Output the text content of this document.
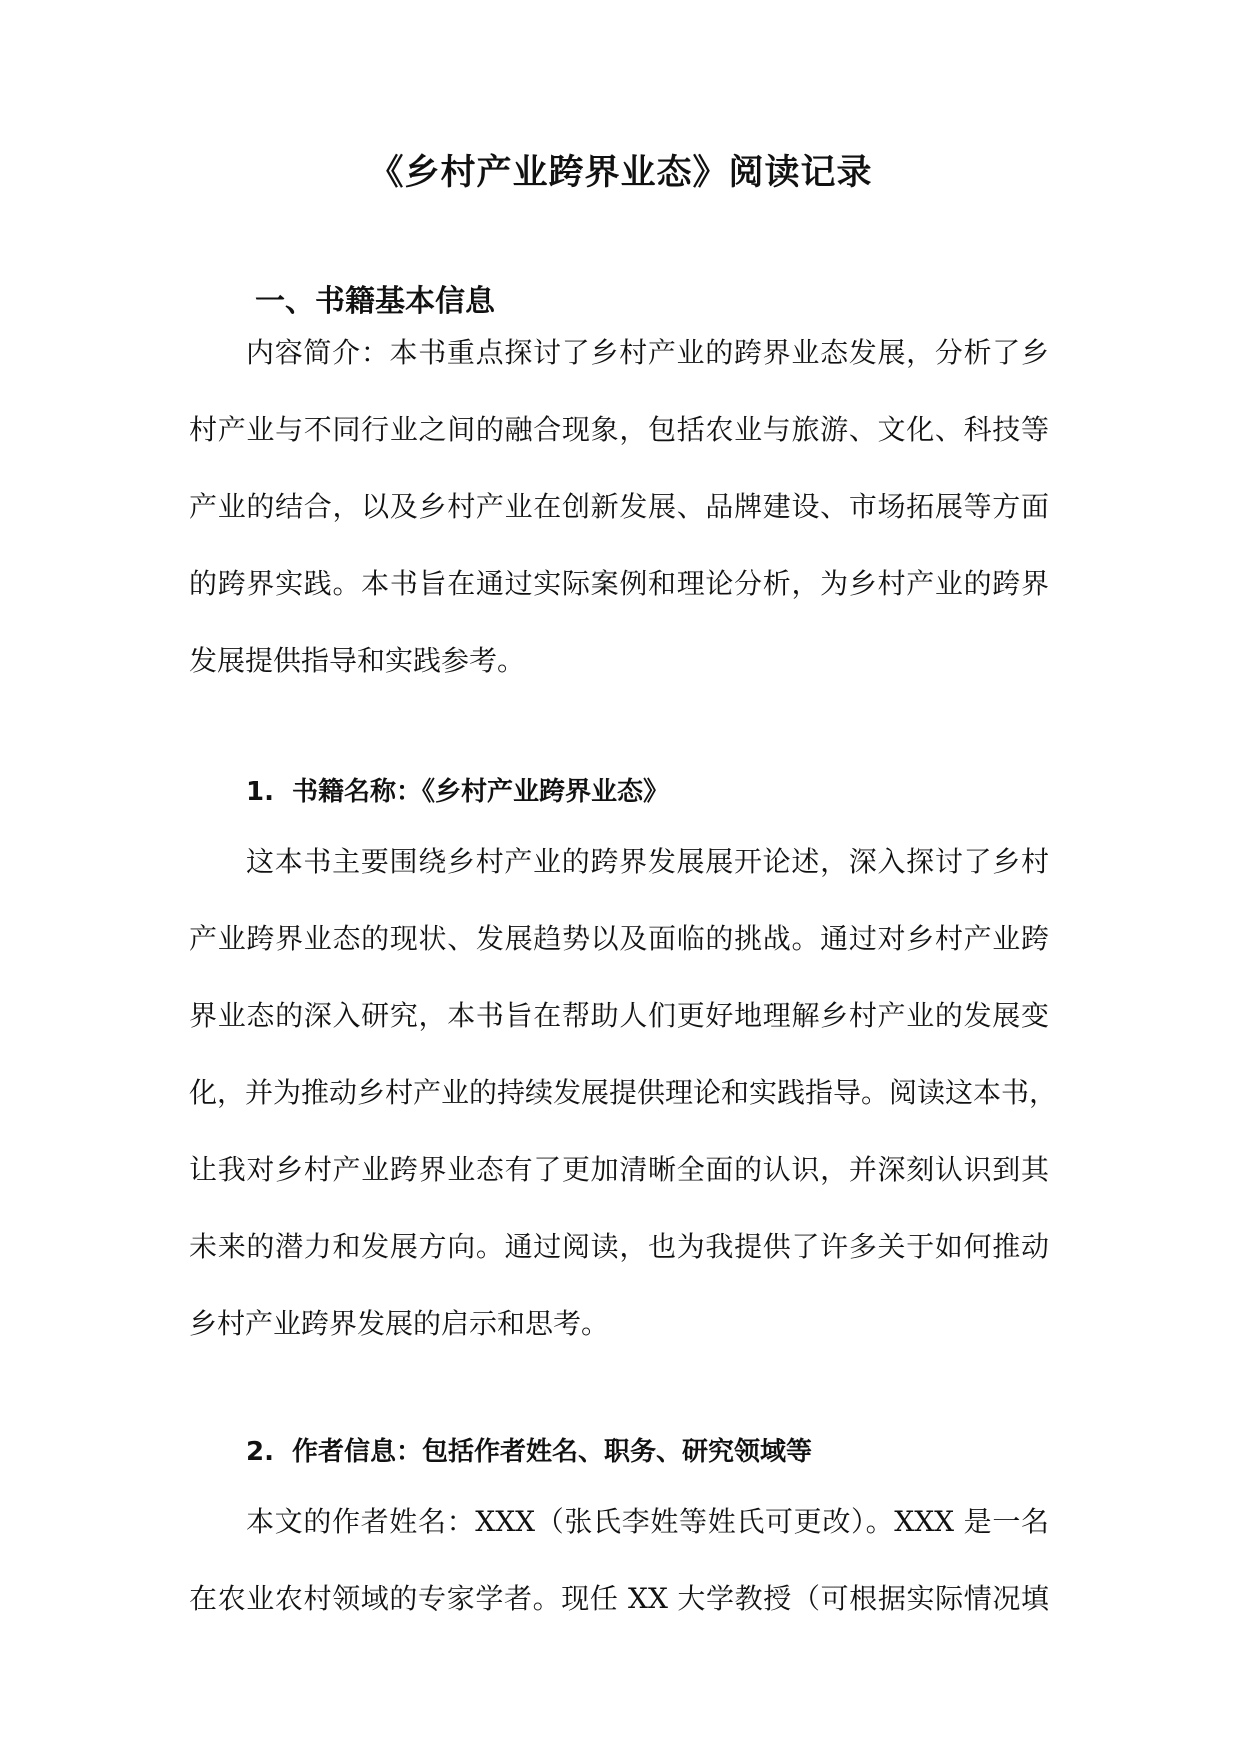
《乡村产业跨界业态》阅读记录
一、书籍基本信息
内容简介：本书重点探讨了乡村产业的跨界业态发展，分析了乡
村产业与不同行业之间的融合现象，包括农业与旅游、文化、科技等
产业的结合，以及乡村产业在创新发展、品牌建设、市场拓展等方面
的跨界实践。本书旨在通过实际案例和理论分析，为乡村产业的跨界
发展提供指导和实践参考。
1. 书籍名称：《乡村产业跨界业态》
这本书主要围绕乡村产业的跨界发展展开论述，深入探讨了乡村
产业跨界业态的现状、发展趋势以及面临的挑战。通过对乡村产业跨
界业态的深入研究，本书旨在帮助人们更好地理解乡村产业的发展变
化，并为推动乡村产业的持续发展提供理论和实践指导。阅读这本书，
让我对乡村产业跨界业态有了更加清晰全面的认识，并深刻认识到其
未来的潜力和发展方向。通过阅读，也为我提供了许多关于如何推动
乡村产业跨界发展的启示和思考。
2. 作者信息：包括作者姓名、职务、研究领域等
本文的作者姓名：XXX（张氏李姓等姓氏可更改）。XXX 是一名
在农业农村领域的专家学者。现任 XX 大学教授（可根据实际情况填
